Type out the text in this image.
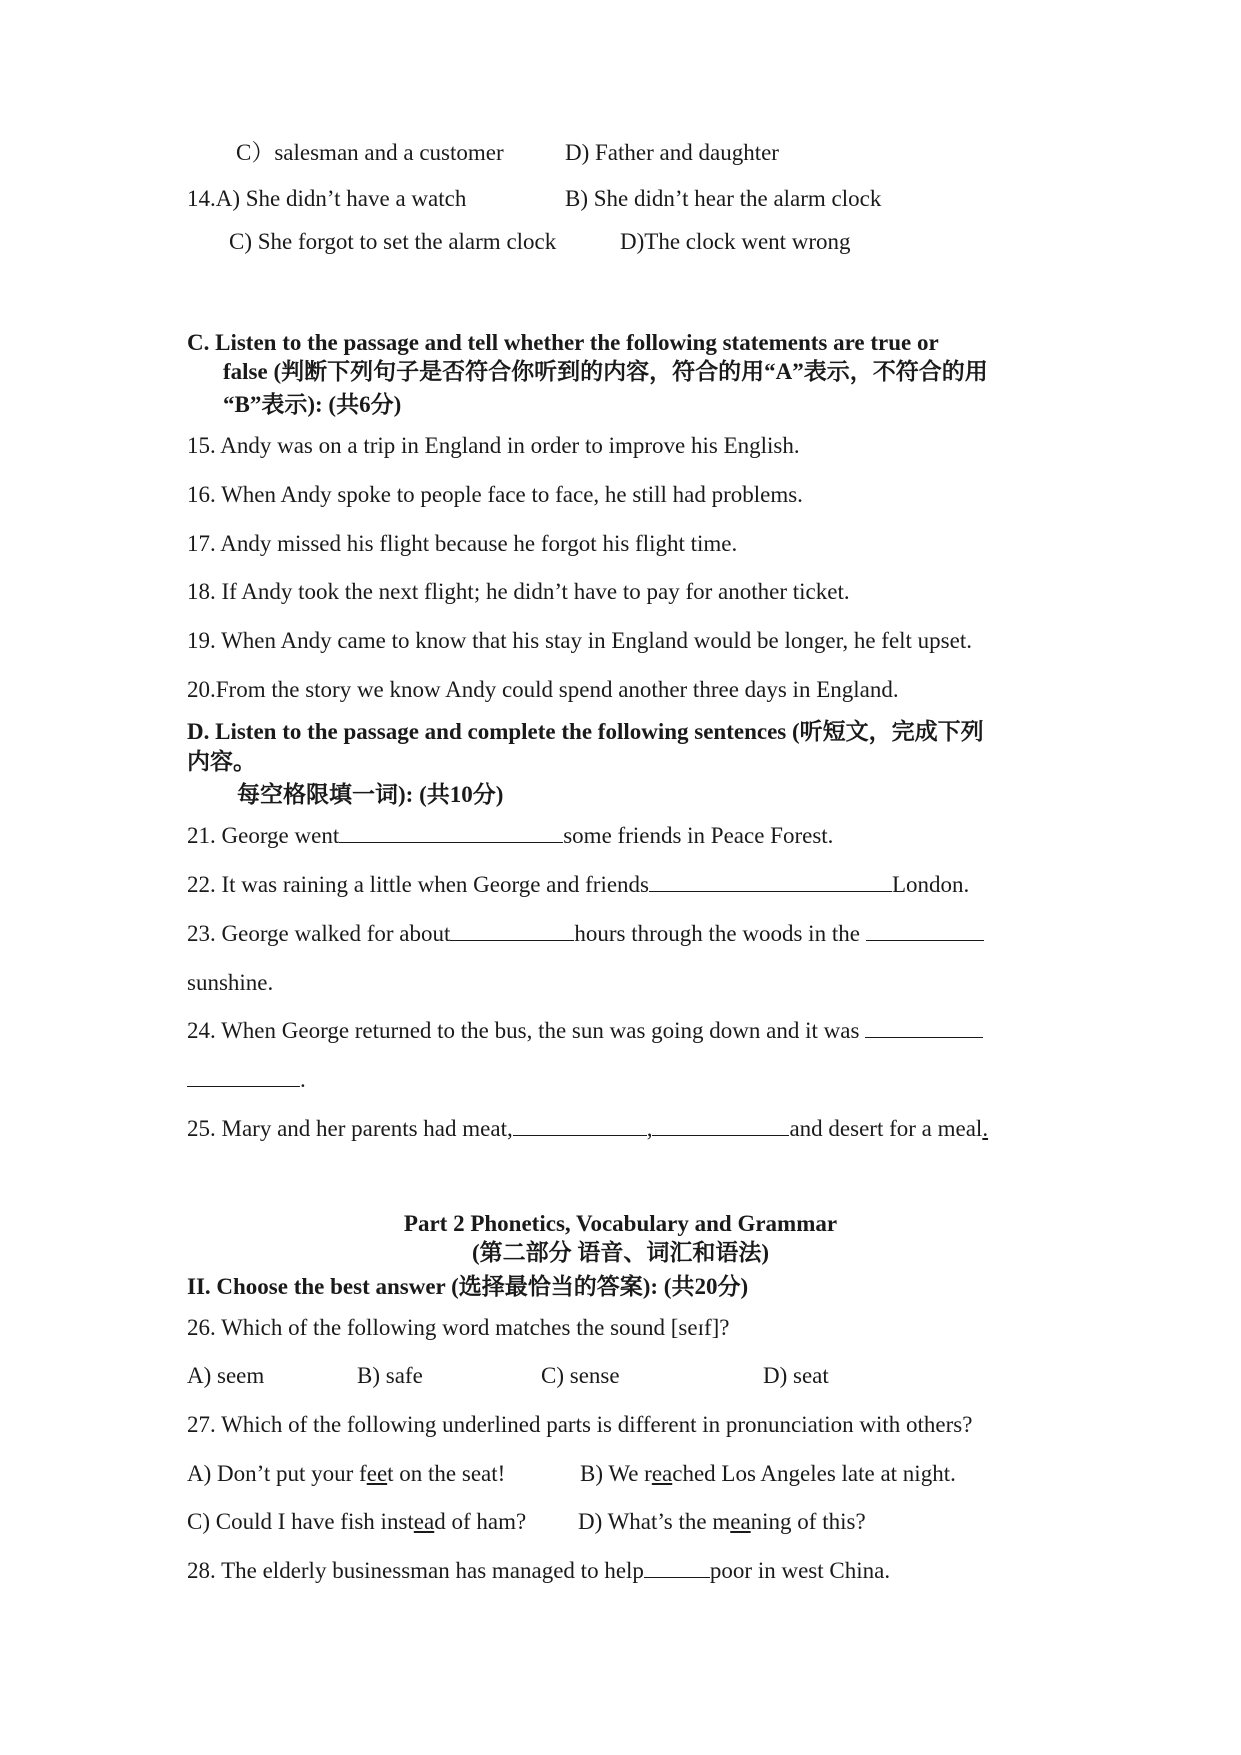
C）salesman and a customer	D) Father and daughter
14.A) She didn’t have a watch	B) She didn’t hear the alarm clock
C) She forgot to set the alarm clock	D)The clock went wrong
C. Listen to the passage and tell whether the following statements are true or
false (判断下列句子是否符合你听到的内容，符合的用“A”表示，不符合的用
“B”表示): (共6分)
15. Andy was on a trip in England in order to improve his English.
16. When Andy spoke to people face to face, he still had problems.
17. Andy missed his flight because he forgot his flight time.
18. If Andy took the next flight; he didn’t have to pay for another ticket.
19. When Andy came to know that his stay in England would be longer, he felt upset.
20.From the story we know Andy could spend another three days in England.
D. Listen to the passage and complete the following sentences (听短文，完成下列
内容。
每空格限填一词): (共10分)
21. George went	some friends in Peace Forest.
22. It was raining a little when George and friends	London.
23. George walked for about	hours through the woods in the
sunshine.
24. When George returned to the bus, the sun was going down and it was
.
25. Mary and her parents had meat,	,	and desert for a meal.
Part 2 Phonetics, Vocabulary and Grammar
(第二部分 语音、词汇和语法)
II. Choose the best answer (选择最恰当的答案): (共20分)
26. Which of the following word matches the sound [seɪf]?
A) seem	B) safe	C) sense	D) seat
27. Which of the following underlined parts is different in pronunciation with others?
A) Don’t put your feet on the seat!	B) We reached Los Angeles late at night.
C) Could I have fish instead of ham? D) What’s the meaning of this?
28. The elderly businessman has managed to help	poor in west China.
